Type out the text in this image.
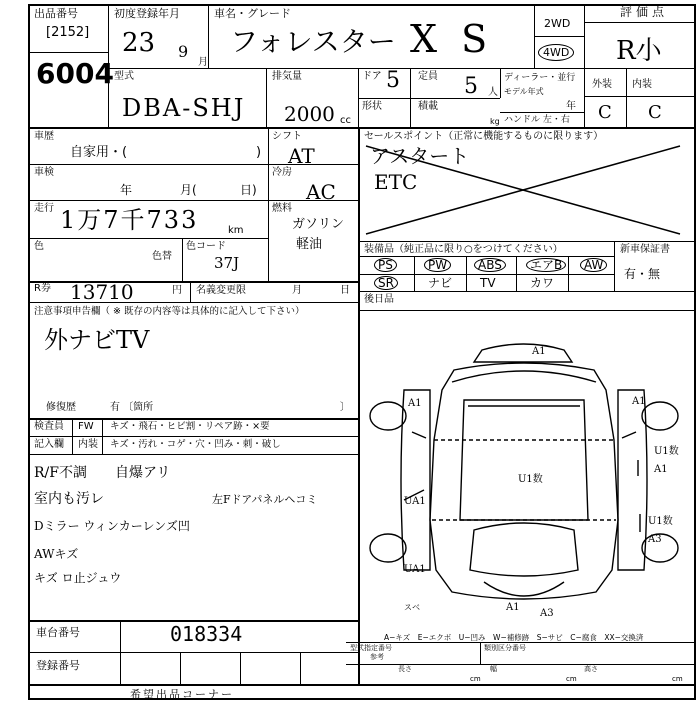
出品番号
[2152]
6004
初度登録年月
23 9
月
車名・グレード
フォレスター X S	2WD
4WD
評価点
R小
型式
DBA-SHJ
排気量
2000 cc
ドア 5 定員 5 人
ディーラー・並行
モデル年式
年
形状	積載
kg ハンドル 左・右
外装 内装
C C
車歴
自家用・(	)
車検
年	月(	日)
走行 1万7千733	km
色
色替
色コード
37J
シフト
AT
冷房
AC
燃料
ガソリン
軽油
R券 13710	円 名義変更限	月	日
注意事項申告欄（ ※ 既存の内容等は具体的に記入して下さい）
外ナビTV
修復歴	有 〔箇所	〕
検査員 FW キズ・飛石・ヒビ割・リペア跡・×要
記入欄 内装 キズ・汚れ・コゲ・穴・凹み・刺・破し
R/F不調　　自爆アリ
室内も汚レ	左Fドアパネルヘコミ
Dミラー ウィンカーレンズ凹
AWキズ
キズ ロ止ジュウ
セールスポイント（正常に機能するものに限ります）
アスタート
ETC
装備品（純正品に限り○をつけてください）	新車保証書
有・無
PS	PW	ABS	エアB	AW
SR	ナビ TV	カワ
後日品
A1
A1	A1
U1数
A1
UA1
U1数
U1数
A3
UA1
A1
A3
スベ
A−キズ　E−エクボ　U−凹み　W−補修跡　S−サビ　C−腐食　XX−交換済
車台番号	018334
登録番号
型式指定番号
参考
類別区分番号
長さ
cm
幅
cm
高さ
cm
希望出品コーナー
